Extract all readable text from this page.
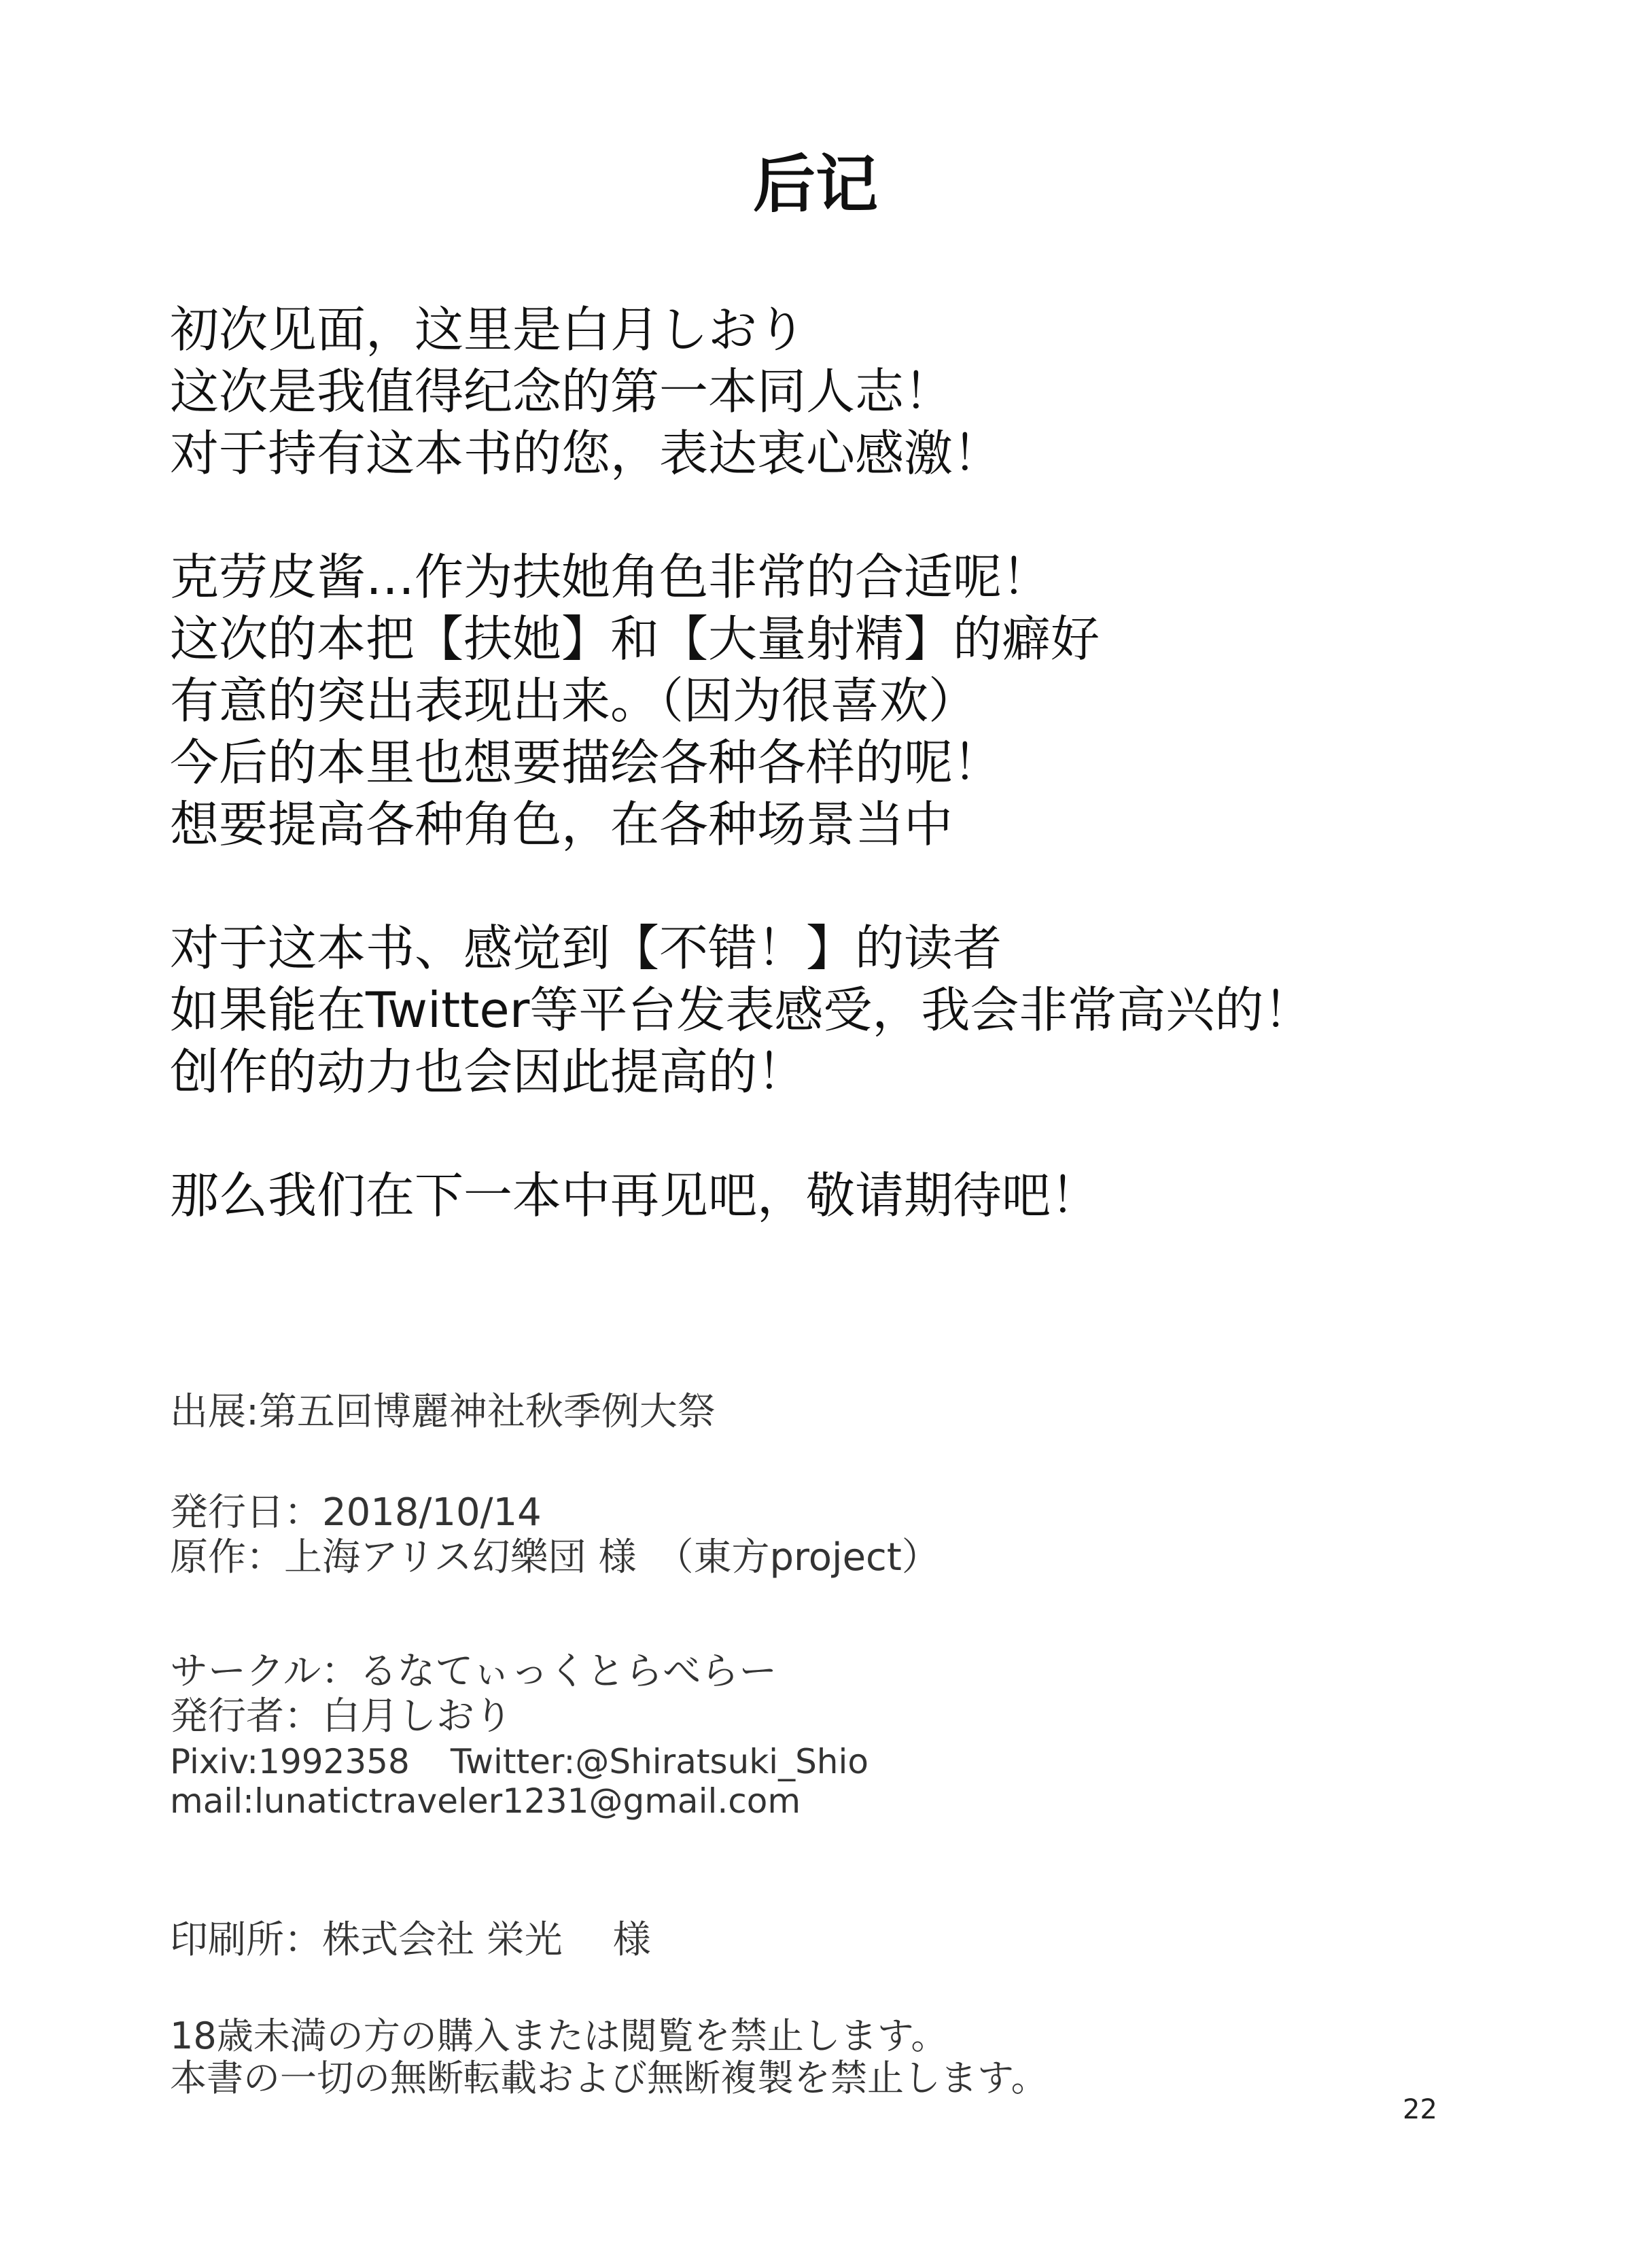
后记
初次见面，这里是白月しおり
这次是我值得纪念的第一本同人志！
对于持有这本书的您，表达衷心感激！
克劳皮酱…作为扶她角色非常的合适呢！
这次的本把【扶她】和【大量射精】的癖好
有意的突出表现出来。（因为很喜欢）
今后的本里也想要描绘各种各样的呢！
想要提高各种角色，在各种场景当中
对于这本书、感觉到【不错！】的读者
如果能在Twitter等平台发表感受，我会非常高兴的！
创作的动力也会因此提高的！
那么我们在下一本中再见吧，敬请期待吧！
出展:第五回博麗神社秋季例大祭
発行日：2018/10/14
原作：上海アリス幻樂団 様　（東方project）
サークル：るなてぃっくとらべらー
発行者：白月しおり
Pixiv:1992358 Twitter:@Shiratsuki_Shio
mail:lunatictraveler1231@gmail.com
印刷所：株式会社 栄光　 様
18歳未満の方の購入または閲覧を禁止します。
本書の一切の無断転載および無断複製を禁止します。
22
